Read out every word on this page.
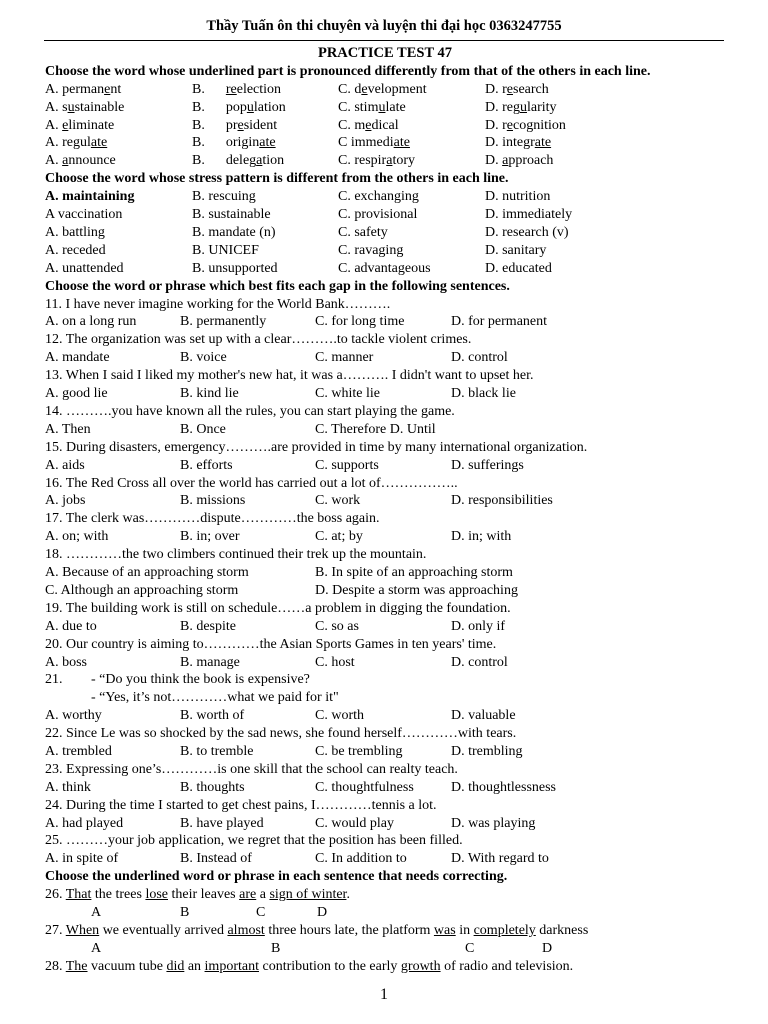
Thầy Tuấn ôn thi chuyên và luyện thi đại học 0363247755
PRACTICE TEST 47
Choose the word whose underlined part is pronounced differently from that of the others in each line.
A. permanent	B.      reelection	C. development	D. research
A. sustainable	B.      population	C. stimulate	D. regularity
A. eliminate	B.      president	C. medical	D. recognition
A. regulate	B.      originate	C immediate	D. integrate
A. announce	B.      delegation	C. respiratory	D. approach
Choose the word whose stress pattern is different from the others in each line.
A. maintaining	B. rescuing	C. exchanging	D. nutrition
A vaccination	B. sustainable	C. provisional	D. immediately
A. battling	B. mandate (n)	C. safety	D. research (v)
A. receded	B. UNICEF	C. ravaging	D. sanitary
A. unattended	B. unsupported	C. advantageous	D. educated
Choose the word or phrase which best fits each gap in the following sentences.
11. I have never imagine working for the World Bank……….
A. on a long run	B. permanently	C. for long time	D. for permanent
12. The organization was set up with a clear……….to tackle violent crimes.
A. mandate	B. voice	C. manner	D. control
13. When I said I liked my mother's new hat, it was a………. I didn't want to upset her.
A. good lie	B. kind lie	C. white lie	D. black lie
14. ……….you have known all the rules, you can start playing the game.
A. Then	B. Once	C. Therefore D. Until
15. During disasters, emergency……….are provided in time by many international organization.
A. aids	B. efforts	C. supports	D. sufferings
16. The Red Cross all over the world has carried out a lot of……………..
A. jobs	B. missions	C. work	D. responsibilities
17. The clerk was…………dispute…………the boss again.
A. on; with	B. in; over	C. at; by	D. in; with
18. …………the two climbers continued their trek up the mountain.
A. Because of an approaching storm	B. In spite of an approaching storm
C. Although an approaching storm	D. Despite a storm was approaching
19. The building work is still on schedule……a problem in digging the foundation.
A. due to	B. despite	C. so as	D. only if
20. Our country is aiming to…………the Asian Sports Games in ten years' time.
A. boss	B. manage	C. host	D. control
21. - “Do you think the book is expensive?
- “Yes, it’s not…………what we paid for it"
A. worthy	B. worth of	C. worth	D. valuable
22. Since Le was so shocked by the sad news, she found herself…………with tears.
A. trembled	B. to tremble	C. be trembling	D. trembling
23. Expressing one’s…………is one skill that the school can realty teach.
A. think	B. thoughts	C. thoughtfulness	D. thoughtlessness
24. During the time I started to get chest pains, I…………tennis a lot.
A. had played	B. have played	C. would play	D. was playing
25. ………your job application, we regret that the position has been filled.
A. in spite of	B. Instead of	C. In addition to	D. With regard to
Choose the underlined word or phrase in each sentence that needs correcting.
26. That the trees lose their leaves are a sign of winter.
A	B	C	D
27. When we eventually arrived almost three hours late, the platform was in completely darkness
A	B	C	D
28. The vacuum tube did an important contribution to the early growth of radio and television.
1
